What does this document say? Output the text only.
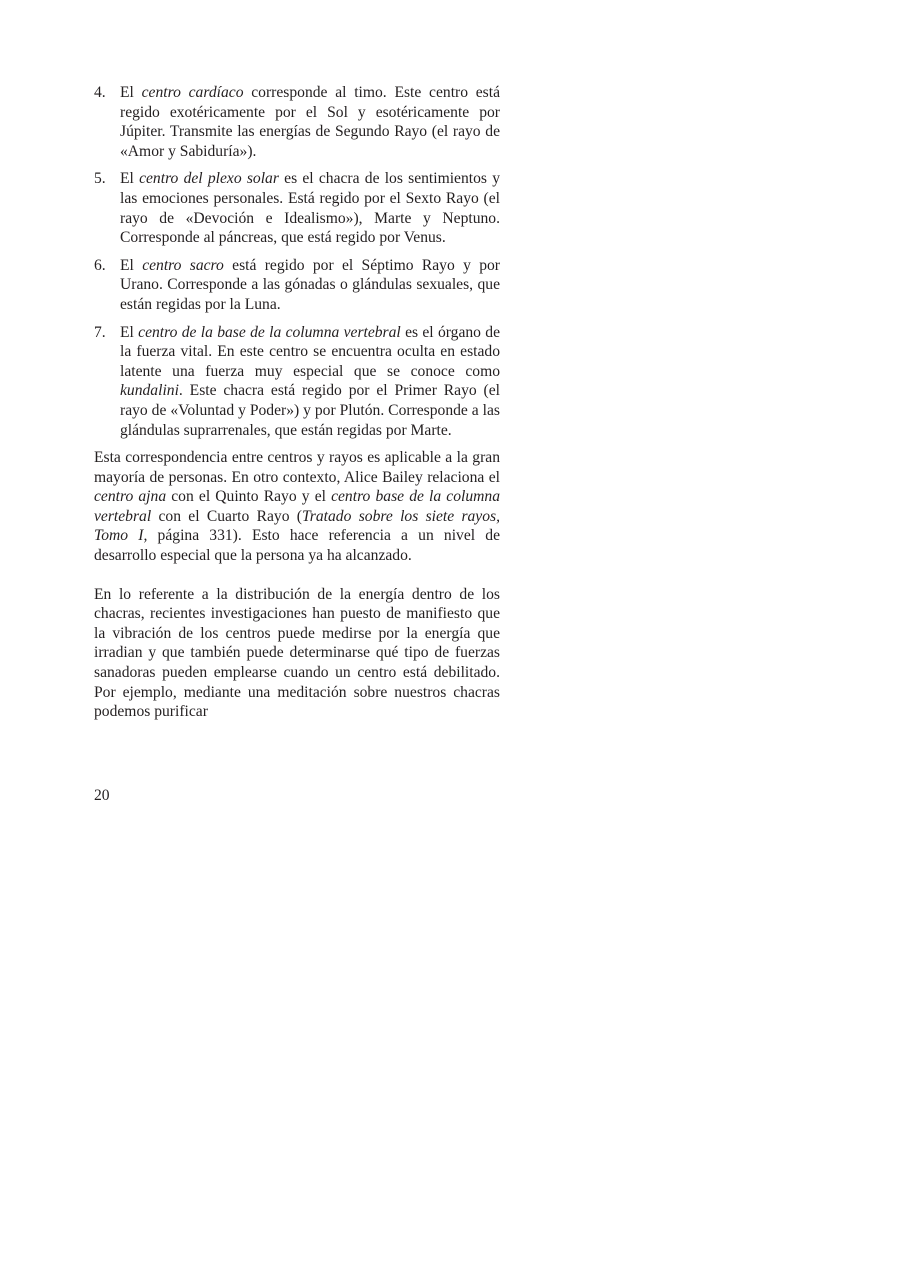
4. El centro cardíaco corresponde al timo. Este centro está regido exotéricamente por el Sol y esotéricamente por Júpiter. Transmite las energías de Segundo Rayo (el rayo de «Amor y Sabiduría»).
5. El centro del plexo solar es el chacra de los sentimientos y las emociones personales. Está regido por el Sexto Rayo (el rayo de «Devoción e Idealismo»), Marte y Neptuno. Corresponde al páncreas, que está regido por Venus.
6. El centro sacro está regido por el Séptimo Rayo y por Urano. Corresponde a las gónadas o glándulas sexuales, que están regidas por la Luna.
7. El centro de la base de la columna vertebral es el órgano de la fuerza vital. En este centro se encuentra oculta en estado latente una fuerza muy especial que se conoce como kundalini. Este chacra está regido por el Primer Rayo (el rayo de «Voluntad y Poder») y por Plutón. Corresponde a las glándulas suprarrenales, que están regidas por Marte.

Esta correspondencia entre centros y rayos es aplicable a la gran mayoría de personas. En otro contexto, Alice Bailey relaciona el centro ajna con el Quinto Rayo y el centro base de la columna vertebral con el Cuarto Rayo (Tratado sobre los siete rayos, Tomo I, página 331). Esto hace referencia a un nivel de desarrollo especial que la persona ya ha alcanzado.

En lo referente a la distribución de la energía dentro de los chacras, recientes investigaciones han puesto de manifiesto que la vibración de los centros puede medirse por la energía que irradian y que también puede determinarse qué tipo de fuerzas sanadoras pueden emplearse cuando un centro está debilitado. Por ejemplo, mediante una meditación sobre nuestros chacras podemos purificar

20
